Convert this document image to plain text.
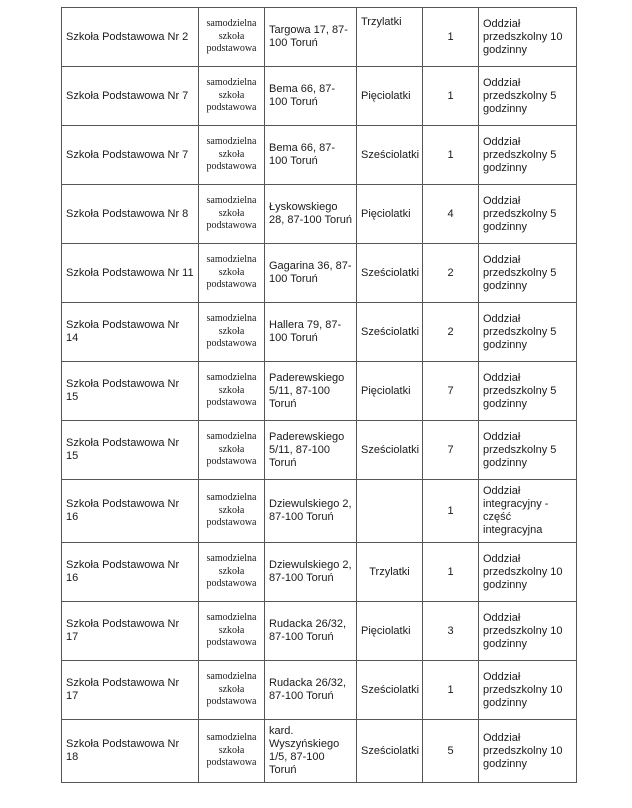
Szkoła Podstawowa Nr 2	samodzielna szkoła podstawowa	Targowa 17, 87-100 Toruń	Trzylatki	1	Oddział przedszkolny 10 godzinny
Szkoła Podstawowa Nr 7	samodzielna szkoła podstawowa	Bema 66, 87-100 Toruń	Pięciolatki	1	Oddział przedszkolny 5 godzinny
Szkoła Podstawowa Nr 7	samodzielna szkoła podstawowa	Bema 66, 87-100 Toruń	Sześciolatki	1	Oddział przedszkolny 5 godzinny
Szkoła Podstawowa Nr 8	samodzielna szkoła podstawowa	Łyskowskiego 28, 87-100 Toruń	Pięciolatki	4	Oddział przedszkolny 5 godzinny
Szkoła Podstawowa Nr 11	samodzielna szkoła podstawowa	Gagarina 36, 87-100 Toruń	Sześciolatki	2	Oddział przedszkolny 5 godzinny
Szkoła Podstawowa Nr 14	samodzielna szkoła podstawowa	Hallera 79, 87-100 Toruń	Sześciolatki	2	Oddział przedszkolny 5 godzinny
Szkoła Podstawowa Nr 15	samodzielna szkoła podstawowa	Paderewskiego 5/11, 87-100 Toruń	Pięciolatki	7	Oddział przedszkolny 5 godzinny
Szkoła Podstawowa Nr 15	samodzielna szkoła podstawowa	Paderewskiego 5/11, 87-100 Toruń	Sześciolatki	7	Oddział przedszkolny 5 godzinny
Szkoła Podstawowa Nr 16	samodzielna szkoła podstawowa	Dziewulskiego 2, 87-100 Toruń		1	Oddział integracyjny - część integracyjna
Szkoła Podstawowa Nr 16	samodzielna szkoła podstawowa	Dziewulskiego 2, 87-100 Toruń	Trzylatki	1	Oddział przedszkolny 10 godzinny
Szkoła Podstawowa Nr 17	samodzielna szkoła podstawowa	Rudacka 26/32, 87-100 Toruń	Pięciolatki	3	Oddział przedszkolny 10 godzinny
Szkoła Podstawowa Nr 17	samodzielna szkoła podstawowa	Rudacka 26/32, 87-100 Toruń	Sześciolatki	1	Oddział przedszkolny 10 godzinny
Szkoła Podstawowa Nr 18	samodzielna szkoła podstawowa	kard. Wyszyńskiego 1/5, 87-100 Toruń	Sześciolatki	5	Oddział przedszkolny 10 godzinny
